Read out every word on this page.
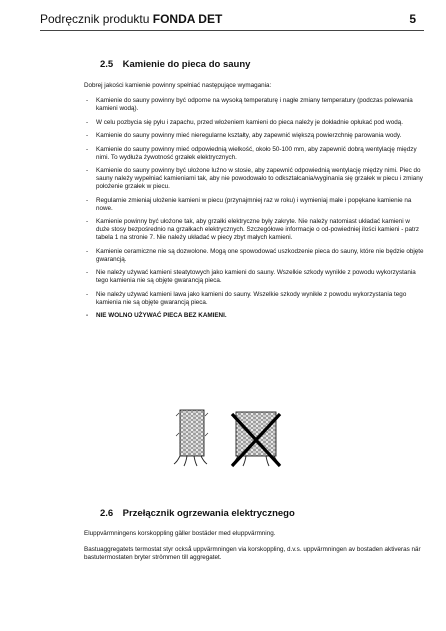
Podręcznik produktu FONDA DET	5
2.5 Kamienie do pieca do sauny
Dobrej jakości kamienie powinny spełniać następujące wymagania:
- Kamienie do sauny powinny być odporne na wysoką temperaturę i nagłe zmiany temperatury (podczas polewania kamieni wodą).
- W celu pozbycia się pyłu i zapachu, przed włożeniem kamieni do pieca należy je dokładnie opłukać pod wodą.
- Kamienie do sauny powinny mieć nieregularne kształty, aby zapewnić większą powierzchnię parowania wody.
- Kamienie do sauny powinny mieć odpowiednią wielkość, około 50-100 mm, aby zapewnić dobrą wentylację między nimi. To wydłuża żywotność grzałek elektrycznych.
- Kamienie do sauny powinny być ułożone luźno w stosie, aby zapewnić odpowiednią wentylację między nimi. Piec do sauny należy wypełniać kamieniami tak, aby nie powodowało to odkształcania/wyginania się grzałek w piecu i zmiany położenie grzałek w piecu.
- Regularnie zmieniaj ułożenie kamieni w piecu (przynajmniej raz w roku) i wymieniaj małe i popękane kamienie na nowe.
- Kamienie powinny być ułożone tak, aby grzałki elektryczne były zakryte. Nie należy natomiast układać kamieni w duże stosy bezpośrednio na grzałkach elektrycznych. Szczegółowe informacje o od-powiedniej ilości kamieni - patrz tabela 1 na stronie 7. Nie należy układać w piecy zbyt małych kamieni.
- Kamienie ceramiczne nie są dozwolone. Mogą one spowodować uszkodzenie pieca do sauny, które nie będzie objęte gwarancją.
- Nie należy używać kamieni steatytowych jako kamieni do sauny. Wszelkie szkody wynikłe z powodu wykorzystania tego kamienia nie są objęte gwarancją pieca.
- Nie należy używać kamieni lawa jako kamieni do sauny. Wszelkie szkody wynikłe z powodu wykorzystania tego kamienia nie są objęte gwarancją pieca.
- NIE WOLNO UŻYWAĆ PIECA BEZ KAMIENI.
2.6 Przełącznik ogrzewania elektrycznego
Eluppvärmningens korskoppling gäller bostäder med eluppvärmning.
Bastuaggregatets termostat styr också uppvärmningen via korskoppling, d.v.s. uppvärmningen av bostaden aktiveras när bastutermostaten bryter strömmen till aggregatet.
